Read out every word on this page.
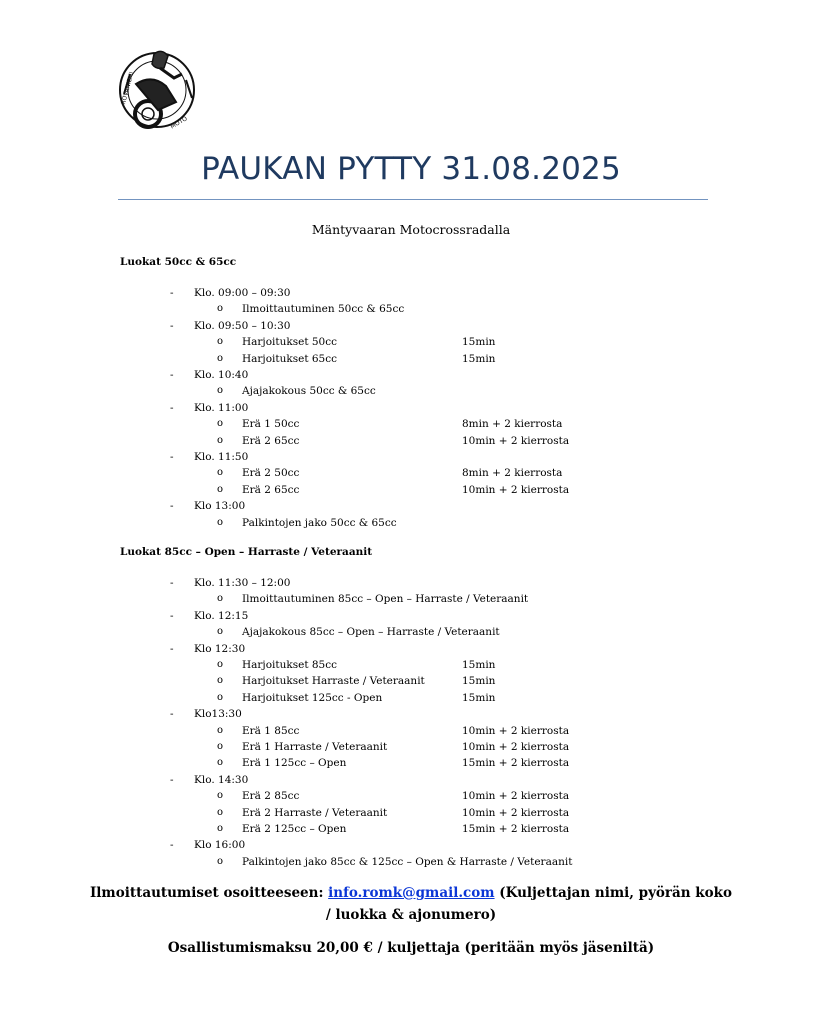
ROVANIEMI
MOTO
PAUKAN PYTTY 31.08.2025
Mäntyvaaran Motocrossradalla
Luokat 50cc & 65cc
- Klo. 09:00 – 09:30
o Ilmoittautuminen 50cc & 65cc
- Klo. 09:50 – 10:30
o Harjoitukset 50cc	15min
o Harjoitukset 65cc	15min
- Klo. 10:40
o Ajajakokous 50cc & 65cc
- Klo. 11:00
o Erä 1 50cc	8min + 2 kierrosta
o Erä 2 65cc	10min + 2 kierrosta
- Klo. 11:50
o Erä 2 50cc	8min + 2 kierrosta
o Erä 2 65cc	10min + 2 kierrosta
- Klo 13:00
o Palkintojen jako 50cc & 65cc
Luokat 85cc – Open – Harraste / Veteraanit
- Klo. 11:30 – 12:00
o Ilmoittautuminen 85cc – Open – Harraste / Veteraanit
- Klo. 12:15
o Ajajakokous 85cc – Open – Harraste / Veteraanit
- Klo 12:30
o Harjoitukset 85cc	15min
o Harjoitukset Harraste / Veteraanit	15min
o Harjoitukset 125cc - Open	15min
- Klo13:30
o Erä 1 85cc	10min + 2 kierrosta
o Erä 1 Harraste / Veteraanit	10min + 2 kierrosta
o Erä 1 125cc – Open	15min + 2 kierrosta
- Klo. 14:30
o Erä 2 85cc	10min + 2 kierrosta
o Erä 2 Harraste / Veteraanit	10min + 2 kierrosta
o Erä 2 125cc – Open	15min + 2 kierrosta
- Klo 16:00
o Palkintojen jako 85cc & 125cc – Open & Harraste / Veteraanit
Ilmoittautumiset osoitteeseen: info.romk@gmail.com (Kuljettajan nimi, pyörän koko
/ luokka & ajonumero)
Osallistumismaksu 20,00 € / kuljettaja (peritään myös jäseniltä)
